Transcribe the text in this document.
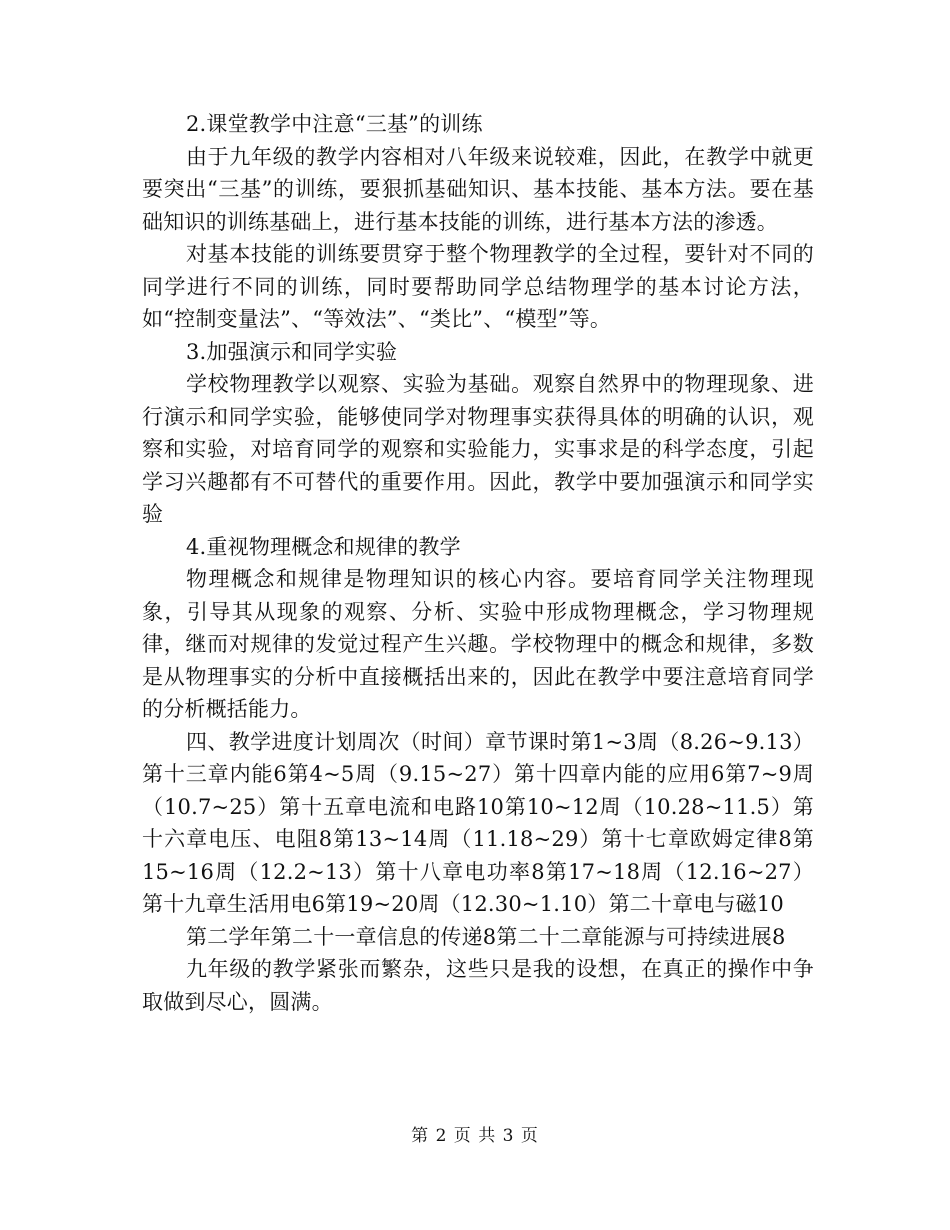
2.课堂教学中注意“三基”的训练

由于九年级的教学内容相对八年级来说较难，因此，在教学中就更要突出“三基”的训练，要狠抓基础知识、基本技能、基本方法。要在基础知识的训练基础上，进行基本技能的训练，进行基本方法的渗透。

对基本技能的训练要贯穿于整个物理教学的全过程，要针对不同的同学进行不同的训练，同时要帮助同学总结物理学的基本讨论方法，如“控制变量法”、“等效法”、“类比”、“模型”等。

3.加强演示和同学实验

学校物理教学以观察、实验为基础。观察自然界中的物理现象、进行演示和同学实验，能够使同学对物理事实获得具体的明确的认识，观察和实验，对培育同学的观察和实验能力，实事求是的科学态度，引起学习兴趣都有不可替代的重要作用。因此，教学中要加强演示和同学实验

4.重视物理概念和规律的教学

物理概念和规律是物理知识的核心内容。要培育同学关注物理现象，引导其从现象的观察、分析、实验中形成物理概念，学习物理规律，继而对规律的发觉过程产生兴趣。学校物理中的概念和规律，多数是从物理事实的分析中直接概括出来的，因此在教学中要注意培育同学的分析概括能力。

四、教学进度计划周次（时间）章节课时第1~3周（8.26~9.13）第十三章内能6第4~5周（9.15~27）第十四章内能的应用6第7~9周（10.7~25）第十五章电流和电路10第10~12周（10.28~11.5）第十六章电压、电阻8第13~14周（11.18~29）第十七章欧姆定律8第15~16周（12.2~13）第十八章电功率8第17~18周（12.16~27）第十九章生活用电6第19~20周（12.30~1.10）第二十章电与磁10

第二学年第二十一章信息的传递8第二十二章能源与可持续进展8

九年级的教学紧张而繁杂，这些只是我的设想，在真正的操作中争取做到尽心，圆满。

第 2 页 共 3 页
